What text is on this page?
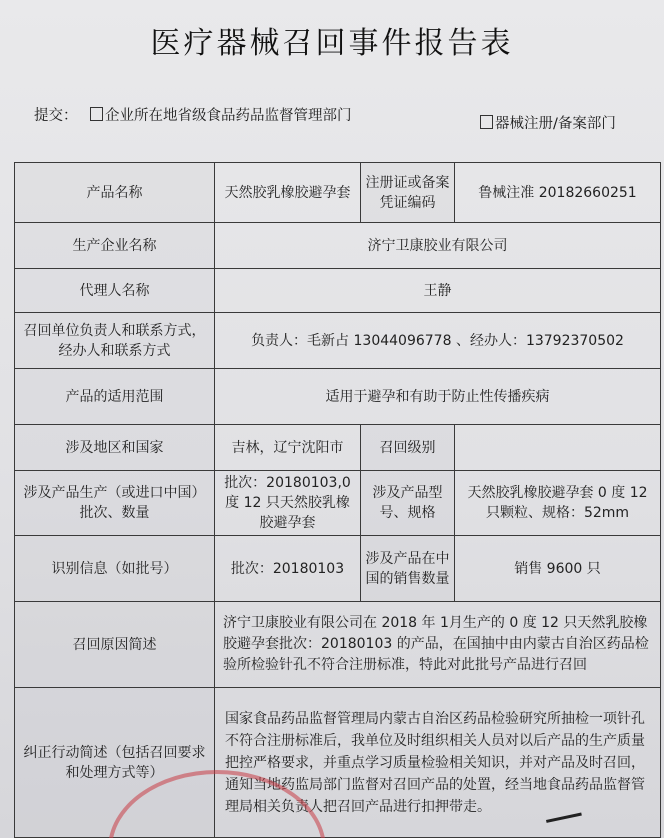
医疗器械召回事件报告表
提交：	企业所在地省级食品药品监督管理部门	器械注册/备案部门
产品名称	天然胶乳橡胶避孕套	注册证或备案凭证编码	鲁械注准 20182660251
生产企业名称	济宁卫康胶业有限公司		
代理人名称	王静		
召回单位负责人和联系方式，经办人和联系方式	负责人：毛新占 13044096778 、经办人：13792370502		
产品的适用范围	适用于避孕和有助于防止性传播疾病		
涉及地区和国家	吉林，辽宁沈阳市	召回级别	
涉及产品生产（或进口中国）批次、数量	批次：20180103,0度 12 只天然胶乳橡胶避孕套	涉及产品型号、规格	天然胶乳橡胶避孕套 0 度 12 只颗粒、规格：52mm
识别信息（如批号）	批次：20180103	涉及产品在中国的销售数量	销售 9600 只
召回原因简述	济宁卫康胶业有限公司在 2018 年 1月生产的 0 度 12 只天然乳胶橡胶避孕套批次：20180103 的产品，在国抽中由内蒙古自治区药品检验所检验针孔不符合注册标准，特此对此批号产品进行召回		
纠正行动简述（包括召回要求和处理方式等）	国家食品药品监督管理局内蒙古自治区药品检验研究所抽检一项针孔不符合注册标准后，我单位及时组织相关人员对以后产品的生产质量把控严格要求，并重点学习质量检验相关知识，并对产品及时召回，通知当地药监局部门监督对召回产品的处置，经当地食品药品监督管理局相关负责人把召回产品进行扣押带走。		
